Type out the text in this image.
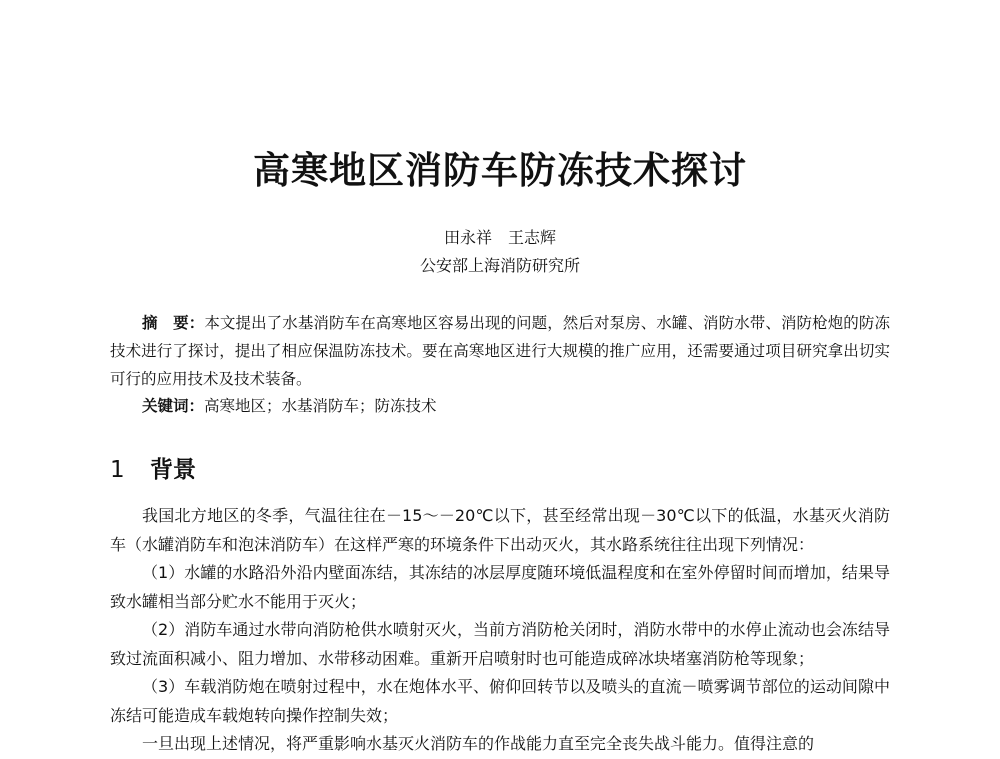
高寒地区消防车防冻技术探讨
田永祥 王志辉
公安部上海消防研究所
摘　要：本文提出了水基消防车在高寒地区容易出现的问题，然后对泵房、水罐、消防水带、消防枪炮的防冻技术进行了探讨，提出了相应保温防冻技术。要在高寒地区进行大规模的推广应用，还需要通过项目研究拿出切实可行的应用技术及技术装备。
关键词：高寒地区；水基消防车；防冻技术
1 背景

我国北方地区的冬季，气温往往在－15～－20℃以下，甚至经常出现－30℃以下的低温，水基灭火消防车（水罐消防车和泡沫消防车）在这样严寒的环境条件下出动灭火，其水路系统往往出现下列情况：

（1）水罐的水路沿外沿内壁面冻结，其冻结的冰层厚度随环境低温程度和在室外停留时间而增加，结果导致水罐相当部分贮水不能用于灭火；

（2）消防车通过水带向消防枪供水喷射灭火，当前方消防枪关闭时，消防水带中的水停止流动也会冻结导致过流面积减小、阻力增加、水带移动困难。重新开启喷射时也可能造成碎冰块堵塞消防枪等现象；

（3）车载消防炮在喷射过程中，水在炮体水平、俯仰回转节以及喷头的直流－喷雾调节部位的运动间隙中冻结可能造成车载炮转向操作控制失效；

一旦出现上述情况，将严重影响水基灭火消防车的作战能力直至完全丧失战斗能力。值得注意的
